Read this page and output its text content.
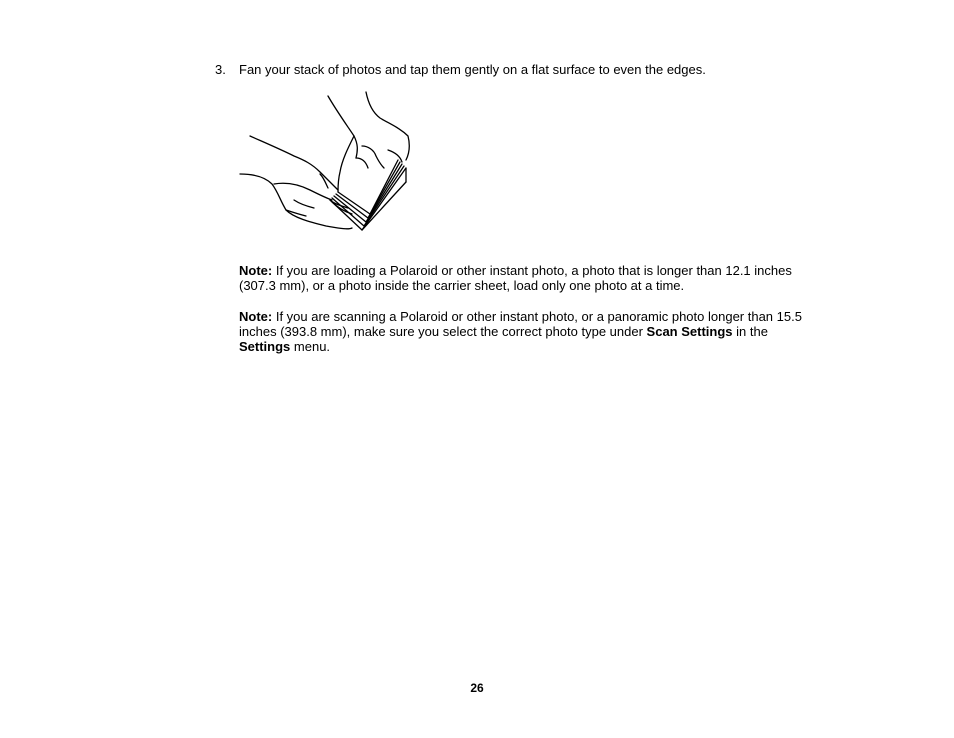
3. Fan your stack of photos and tap them gently on a flat surface to even the edges.
Note: If you are loading a Polaroid or other instant photo, a photo that is longer than 12.1 inches (307.3 mm), or a photo inside the carrier sheet, load only one photo at a time.
Note: If you are scanning a Polaroid or other instant photo, or a panoramic photo longer than 15.5 inches (393.8 mm), make sure you select the correct photo type under Scan Settings in the Settings menu.
26
